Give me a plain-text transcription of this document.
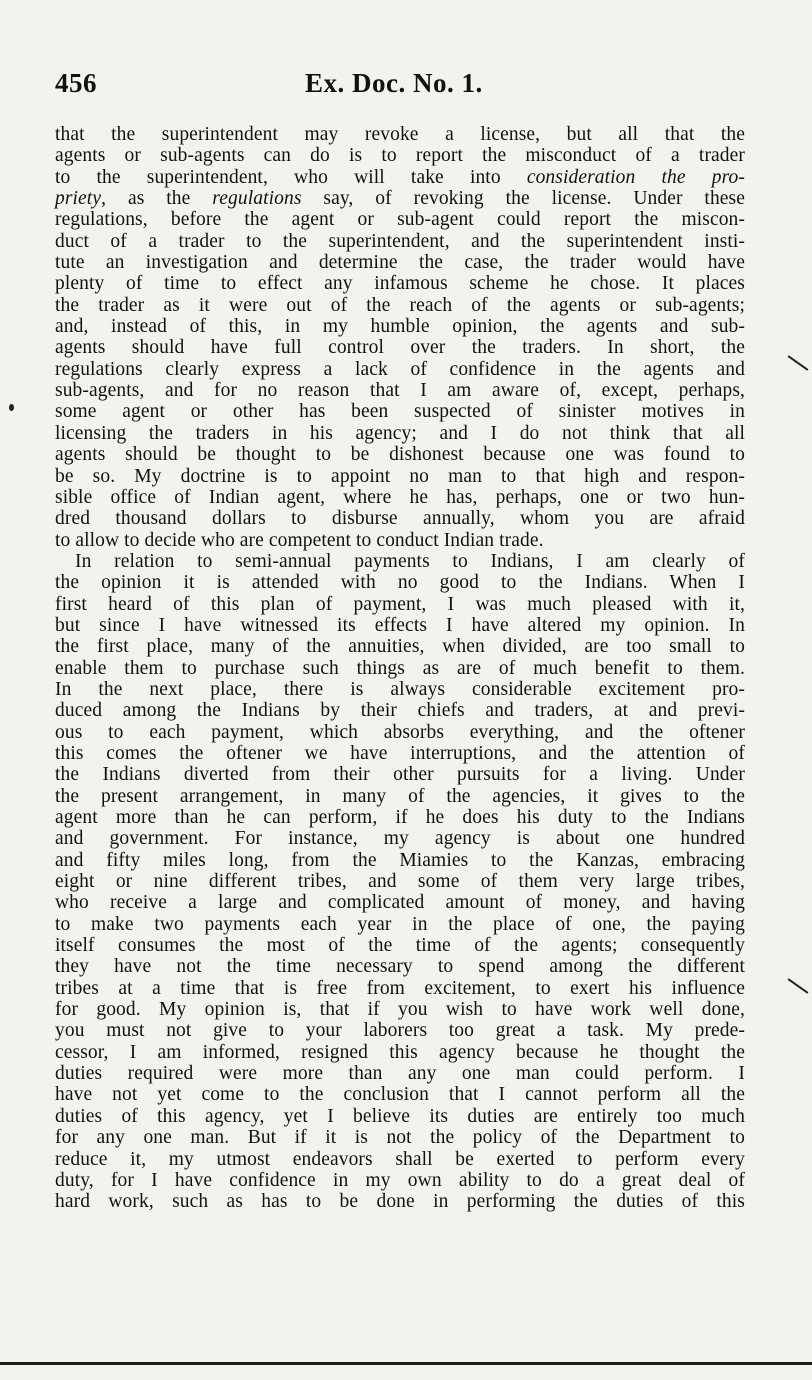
456	Ex. Doc. No. 1.
that the superintendent may revoke a license, but all that the
agents or sub-agents can do is to report the misconduct of a trader
to the superintendent, who will take into consideration the pro-
priety, as the regulations say, of revoking the license. Under these
regulations, before the agent or sub-agent could report the miscon-
duct of a trader to the superintendent, and the superintendent insti-
tute an investigation and determine the case, the trader would have
plenty of time to effect any infamous scheme he chose. It places
the trader as it were out of the reach of the agents or sub-agents;
and, instead of this, in my humble opinion, the agents and sub-
agents should have full control over the traders. In short, the
regulations clearly express a lack of confidence in the agents and
sub-agents, and for no reason that I am aware of, except, perhaps,
some agent or other has been suspected of sinister motives in
licensing the traders in his agency; and I do not think that all
agents should be thought to be dishonest because one was found to
be so. My doctrine is to appoint no man to that high and respon-
sible office of Indian agent, where he has, perhaps, one or two hun-
dred thousand dollars to disburse annually, whom you are afraid
to allow to decide who are competent to conduct Indian trade.
In relation to semi-annual payments to Indians, I am clearly of
the opinion it is attended with no good to the Indians. When I
first heard of this plan of payment, I was much pleased with it,
but since I have witnessed its effects I have altered my opinion. In
the first place, many of the annuities, when divided, are too small to
enable them to purchase such things as are of much benefit to them.
In the next place, there is always considerable excitement pro-
duced among the Indians by their chiefs and traders, at and previ-
ous to each payment, which absorbs everything, and the oftener
this comes the oftener we have interruptions, and the attention of
the Indians diverted from their other pursuits for a living. Under
the present arrangement, in many of the agencies, it gives to the
agent more than he can perform, if he does his duty to the Indians
and government. For instance, my agency is about one hundred
and fifty miles long, from the Miamies to the Kanzas, embracing
eight or nine different tribes, and some of them very large tribes,
who receive a large and complicated amount of money, and having
to make two payments each year in the place of one, the paying
itself consumes the most of the time of the agents; consequently
they have not the time necessary to spend among the different
tribes at a time that is free from excitement, to exert his influence
for good. My opinion is, that if you wish to have work well done,
you must not give to your laborers too great a task. My prede-
cessor, I am informed, resigned this agency because he thought the
duties required were more than any one man could perform. I
have not yet come to the conclusion that I cannot perform all the
duties of this agency, yet I believe its duties are entirely too much
for any one man. But if it is not the policy of the Department to
reduce it, my utmost endeavors shall be exerted to perform every
duty, for I have confidence in my own ability to do a great deal of
hard work, such as has to be done in performing the duties of this
